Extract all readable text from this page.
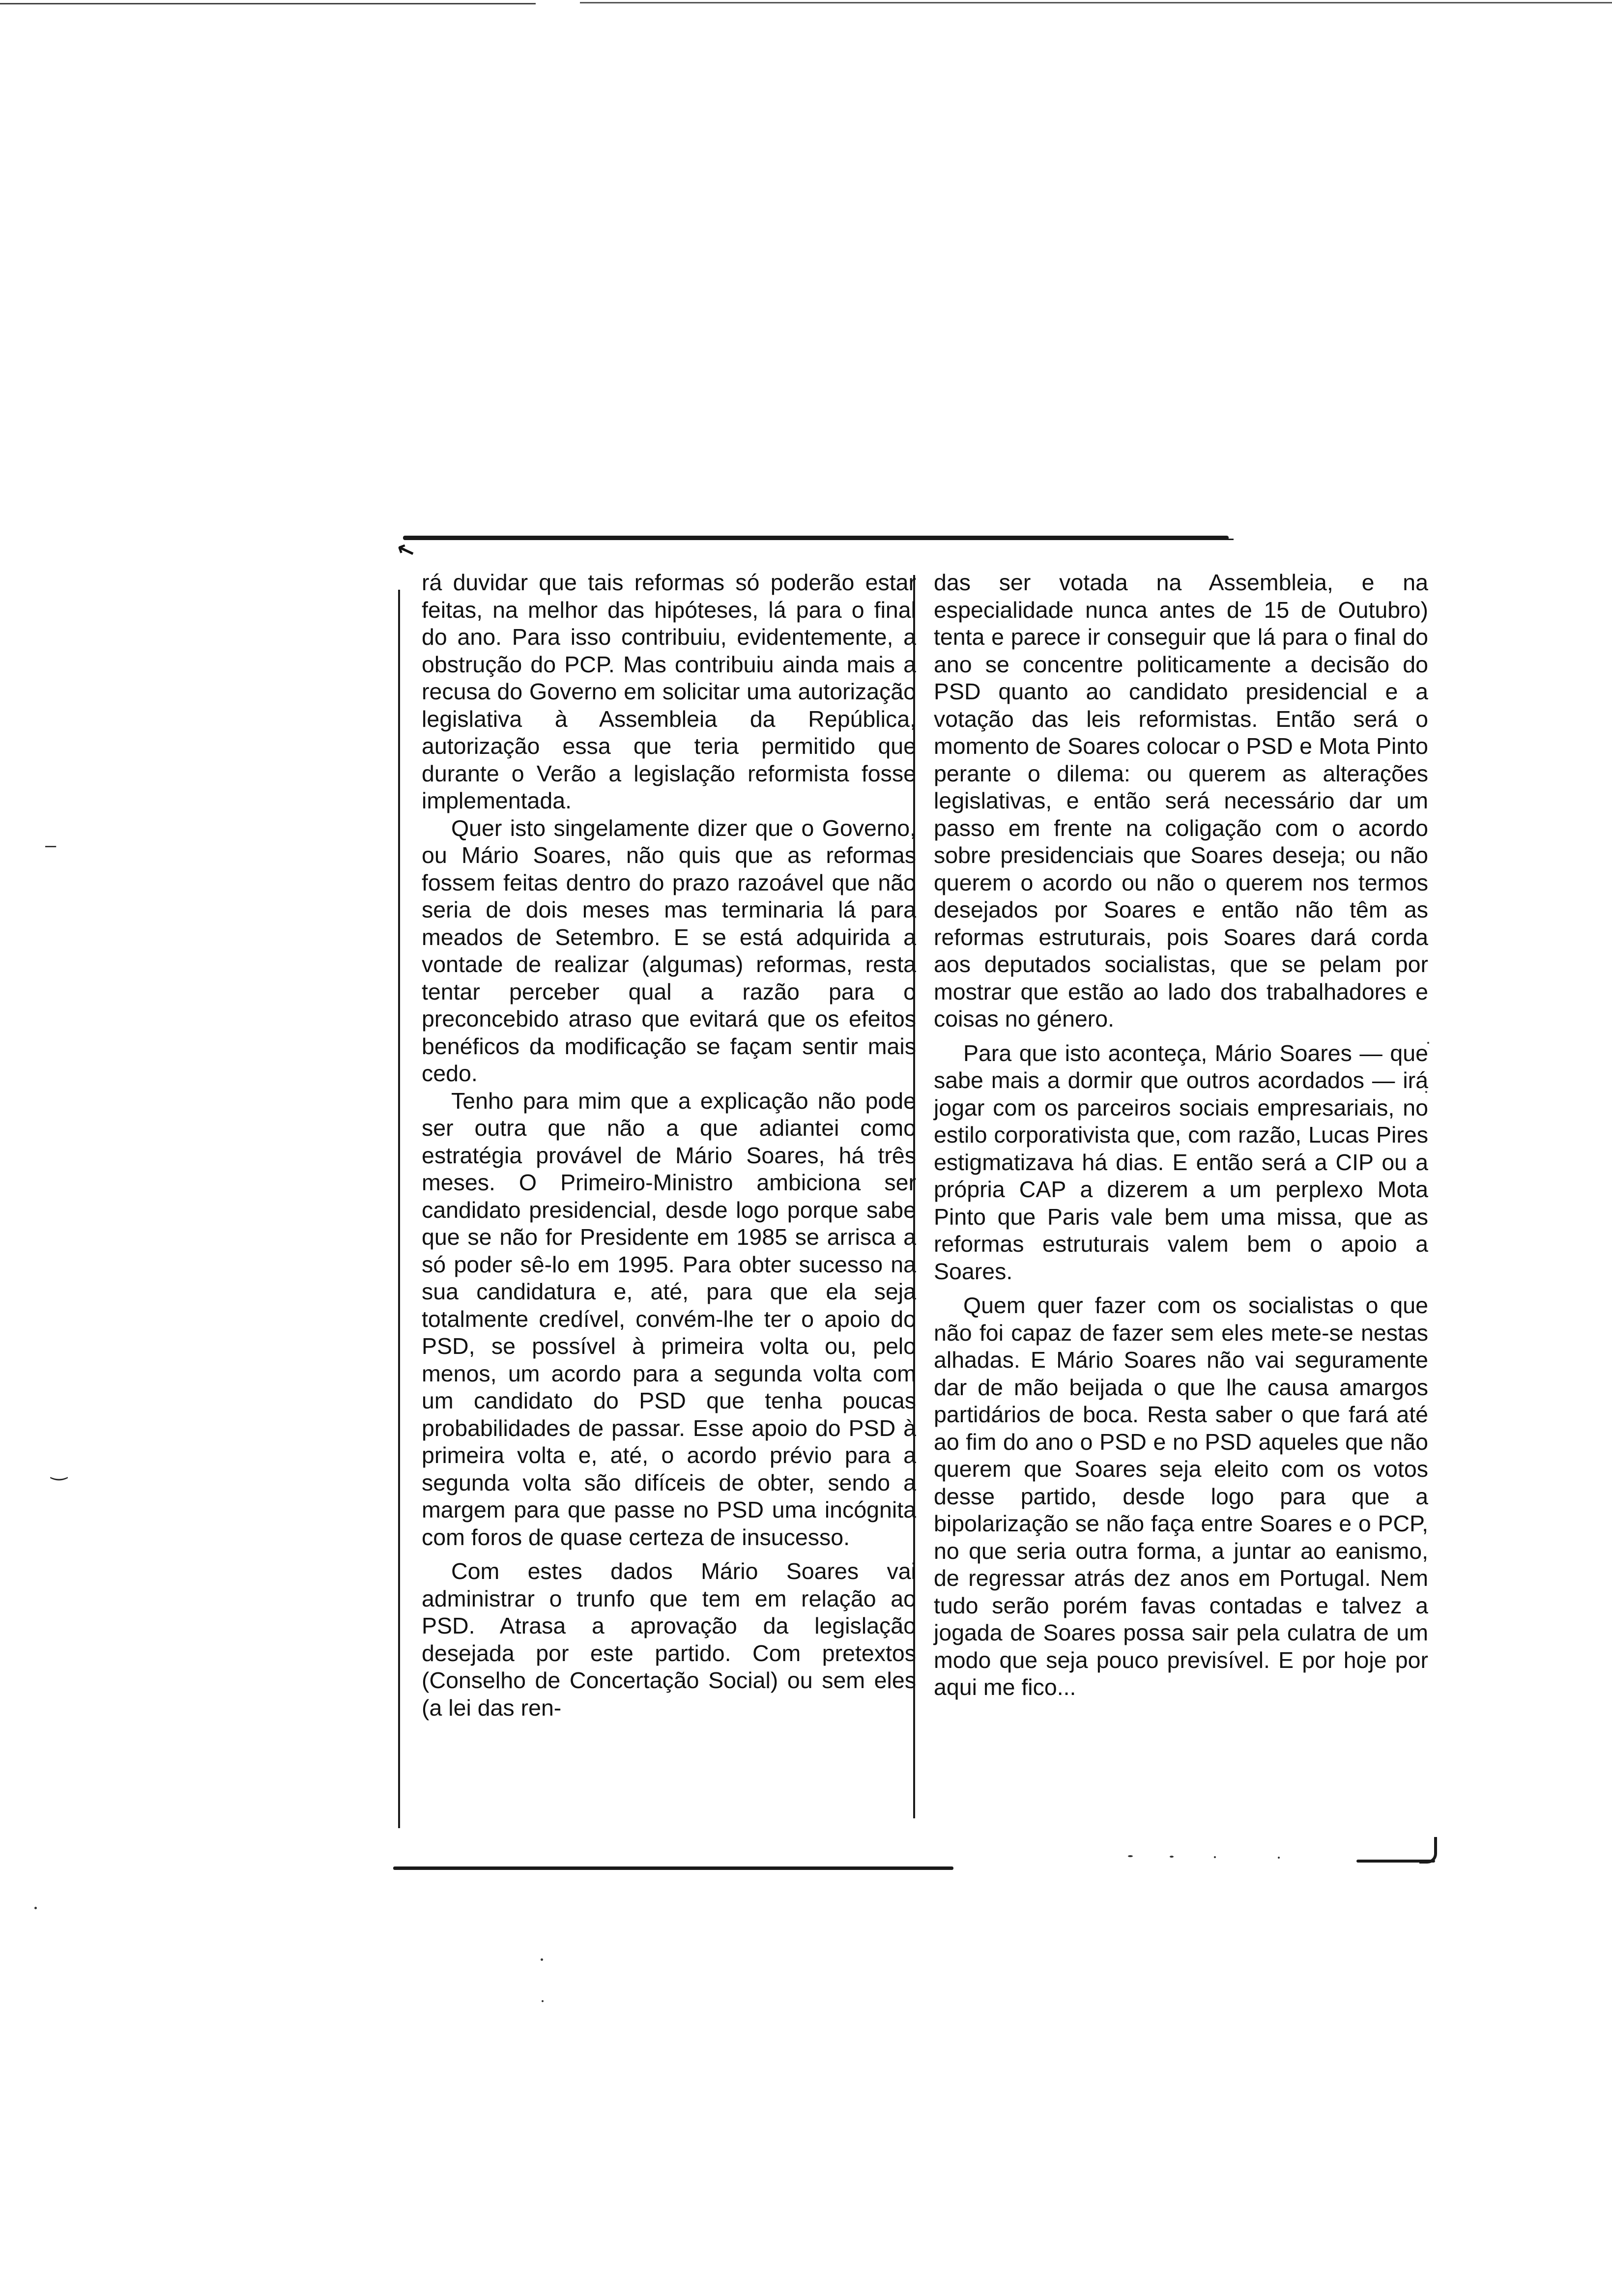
↖
‒
‿

rá duvidar que tais reformas só poderão estar feitas, na melhor das hipóteses, lá para o final do ano. Para isso contribuiu, evidentemente, a obstrução do PCP. Mas contribuiu ainda mais a recusa do Governo em solicitar uma autorização legislativa à Assembleia da República, autorização essa que teria permitido que durante o Verão a legislação reformista fosse implementada.

Quer isto singelamente dizer que o Governo, ou Mário Soares, não quis que as reformas fossem feitas dentro do prazo razoável que não seria de dois meses mas terminaria lá para meados de Setembro. E se está adquirida a vontade de realizar (algumas) reformas, resta tentar perceber qual a razão para o preconcebido atraso que evitará que os efeitos benéficos da modificação se façam sentir mais cedo.

Tenho para mim que a explicação não pode ser outra que não a que adiantei como estratégia provável de Mário Soares, há três meses. O Primeiro-Ministro ambiciona ser candidato presidencial, desde logo porque sabe que se não for Presidente em 1985 se arrisca a só poder sê-lo em 1995. Para obter sucesso na sua candidatura e, até, para que ela seja totalmente credível, convém-lhe ter o apoio do PSD, se possível à primeira volta ou, pelo menos, um acordo para a segunda volta com um candidato do PSD que tenha poucas probabilidades de passar. Esse apoio do PSD à primeira volta e, até, o acordo prévio para a segunda volta são difíceis de obter, sendo a margem para que passe no PSD uma incógnita com foros de quase certeza de insucesso.

Com estes dados Mário Soares vai administrar o trunfo que tem em relação ao PSD. Atrasa a aprovação da legislação desejada por este partido. Com pretextos (Conselho de Concertação Social) ou sem eles (a lei das ren-

das ser votada na Assembleia, e na especialidade nunca antes de 15 de Outubro) tenta e parece ir conseguir que lá para o final do ano se concentre politicamente a decisão do PSD quanto ao candidato presidencial e a votação das leis reformistas. Então será o momento de Soares colocar o PSD e Mota Pinto perante o dilema: ou querem as alterações legislativas, e então será necessário dar um passo em frente na coligação com o acordo sobre presidenciais que Soares deseja; ou não querem o acordo ou não o querem nos termos desejados por Soares e então não têm as reformas estruturais, pois Soares dará corda aos deputados socialistas, que se pelam por mostrar que estão ao lado dos trabalhadores e coisas no género.

Para que isto aconteça, Mário Soares — que sabe mais a dormir que outros acordados — irá jogar com os parceiros sociais empresariais, no estilo corporativista que, com razão, Lucas Pires estigmatizava há dias. E então será a CIP ou a própria CAP a dizerem a um perplexo Mota Pinto que Paris vale bem uma missa, que as reformas estruturais valem bem o apoio a Soares.

Quem quer fazer com os socialistas o que não foi capaz de fazer sem eles mete-se nestas alhadas. E Mário Soares não vai seguramente dar de mão beijada o que lhe causa amargos partidários de boca. Resta saber o que fará até ao fim do ano o PSD e no PSD aqueles que não querem que Soares seja eleito com os votos desse partido, desde logo para que a bipolarização se não faça entre Soares e o PCP, no que seria outra forma, a juntar ao eanismo, de regressar atrás dez anos em Portugal. Nem tudo serão porém favas contadas e talvez a jogada de Soares possa sair pela culatra de um modo que seja pouco previsível. E por hoje por aqui me fico...
